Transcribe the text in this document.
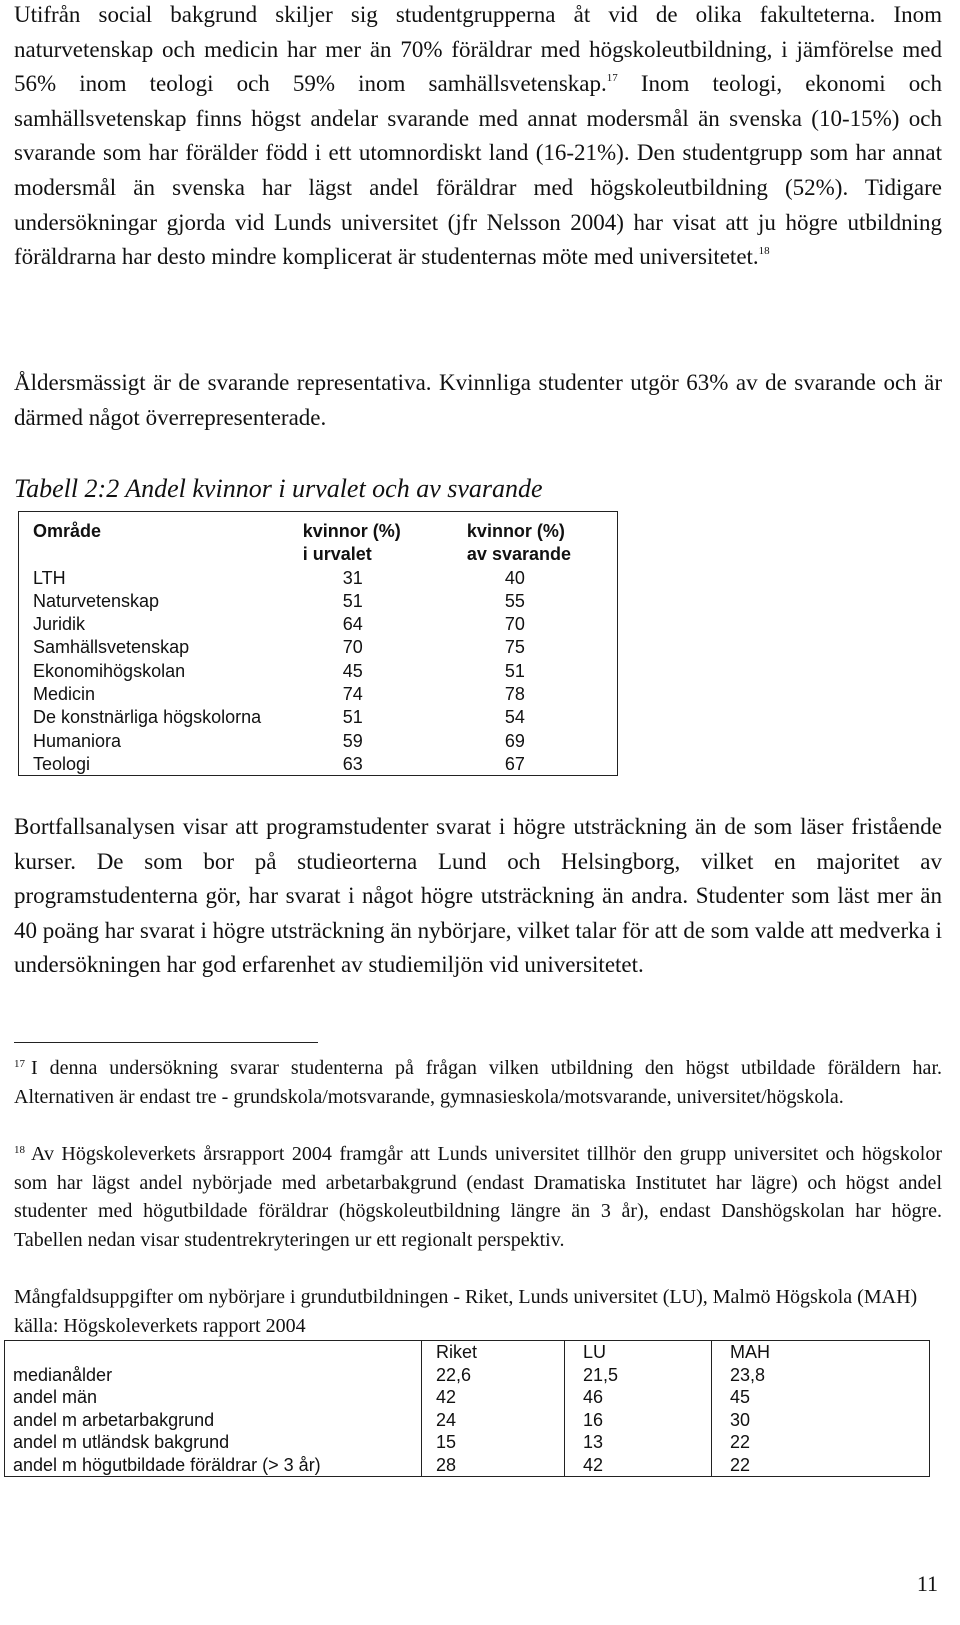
Utifrån social bakgrund skiljer sig studentgrupperna åt vid de olika fakulteterna. Inom naturvetenskap och medicin har mer än 70% föräldrar med högskoleutbildning, i jämförelse med 56% inom teologi och 59% inom samhällsvetenskap.$^{17}$ Inom teologi, ekonomi och samhällsvetenskap finns högst andelar svarande med annat modersmål än svenska (10-15%) och svarande som har förälder född i ett utomnordiskt land (16-21%). Den studentgrupp som har annat modersmål än svenska har lägst andel föräldrar med högskoleutbildning (52%). Tidigare undersökningar gjorda vid Lunds universitet (jfr Nelsson 2004) har visat att ju högre utbildning föräldrarna har desto mindre komplicerat är studenternas möte med universitetet.$^{18}$

Åldersmässigt är de svarande representativa. Kvinnliga studenter utgör 63% av de svarande och är därmed något överrepresenterade.

Tabell 2:2 Andel kvinnor i urvalet och av svarande

Område	kvinnor (%)	kvinnor (%)
	i urvalet	av svarande
LTH	31	40
Naturvetenskap	51	55
Juridik	64	70
Samhällsvetenskap	70	75
Ekonomihögskolan	45	51
Medicin	74	78
De konstnärliga högskolorna	51	54
Humaniora	59	69
Teologi	63	67

Bortfallsanalysen visar att programstudenter svarat i högre utsträckning än de som läser fristående kurser. De som bor på studieorterna Lund och Helsingborg, vilket en majoritet av programstudenterna gör, har svarat i något högre utsträckning än andra. Studenter som läst mer än 40 poäng har svarat i högre utsträckning än nybörjare, vilket talar för att de som valde att medverka i undersökningen har god erfarenhet av studiemiljön vid universitetet.

$^{17}$ I denna undersökning svarar studenterna på frågan vilken utbildning den högst utbildade föräldern har. Alternativen är endast tre - grundskola/motsvarande, gymnasieskola/motsvarande, universitet/högskola.

$^{18}$ Av Högskoleverkets årsrapport 2004 framgår att Lunds universitet tillhör den grupp universitet och högskolor som har lägst andel nybörjade med arbetarbakgrund (endast Dramatiska Institutet har lägre) och högst andel studenter med högutbildade föräldrar (högskoleutbildning längre än 3 år), endast Danshögskolan har högre. Tabellen nedan visar studentrekryteringen ur ett regionalt perspektiv.

Mångfaldsuppgifter om nybörjare i grundutbildningen - Riket, Lunds universitet (LU), Malmö Högskola (MAH) källa: Högskoleverkets rapport 2004

	Riket	LU	MAH
medianålder	22,6	21,5	23,8
andel män	42	46	45
andel m arbetarbakgrund	24	16	30
andel m utländsk bakgrund	15	13	22
andel m högutbildade föräldrar (> 3 år)	28	42	22

11
